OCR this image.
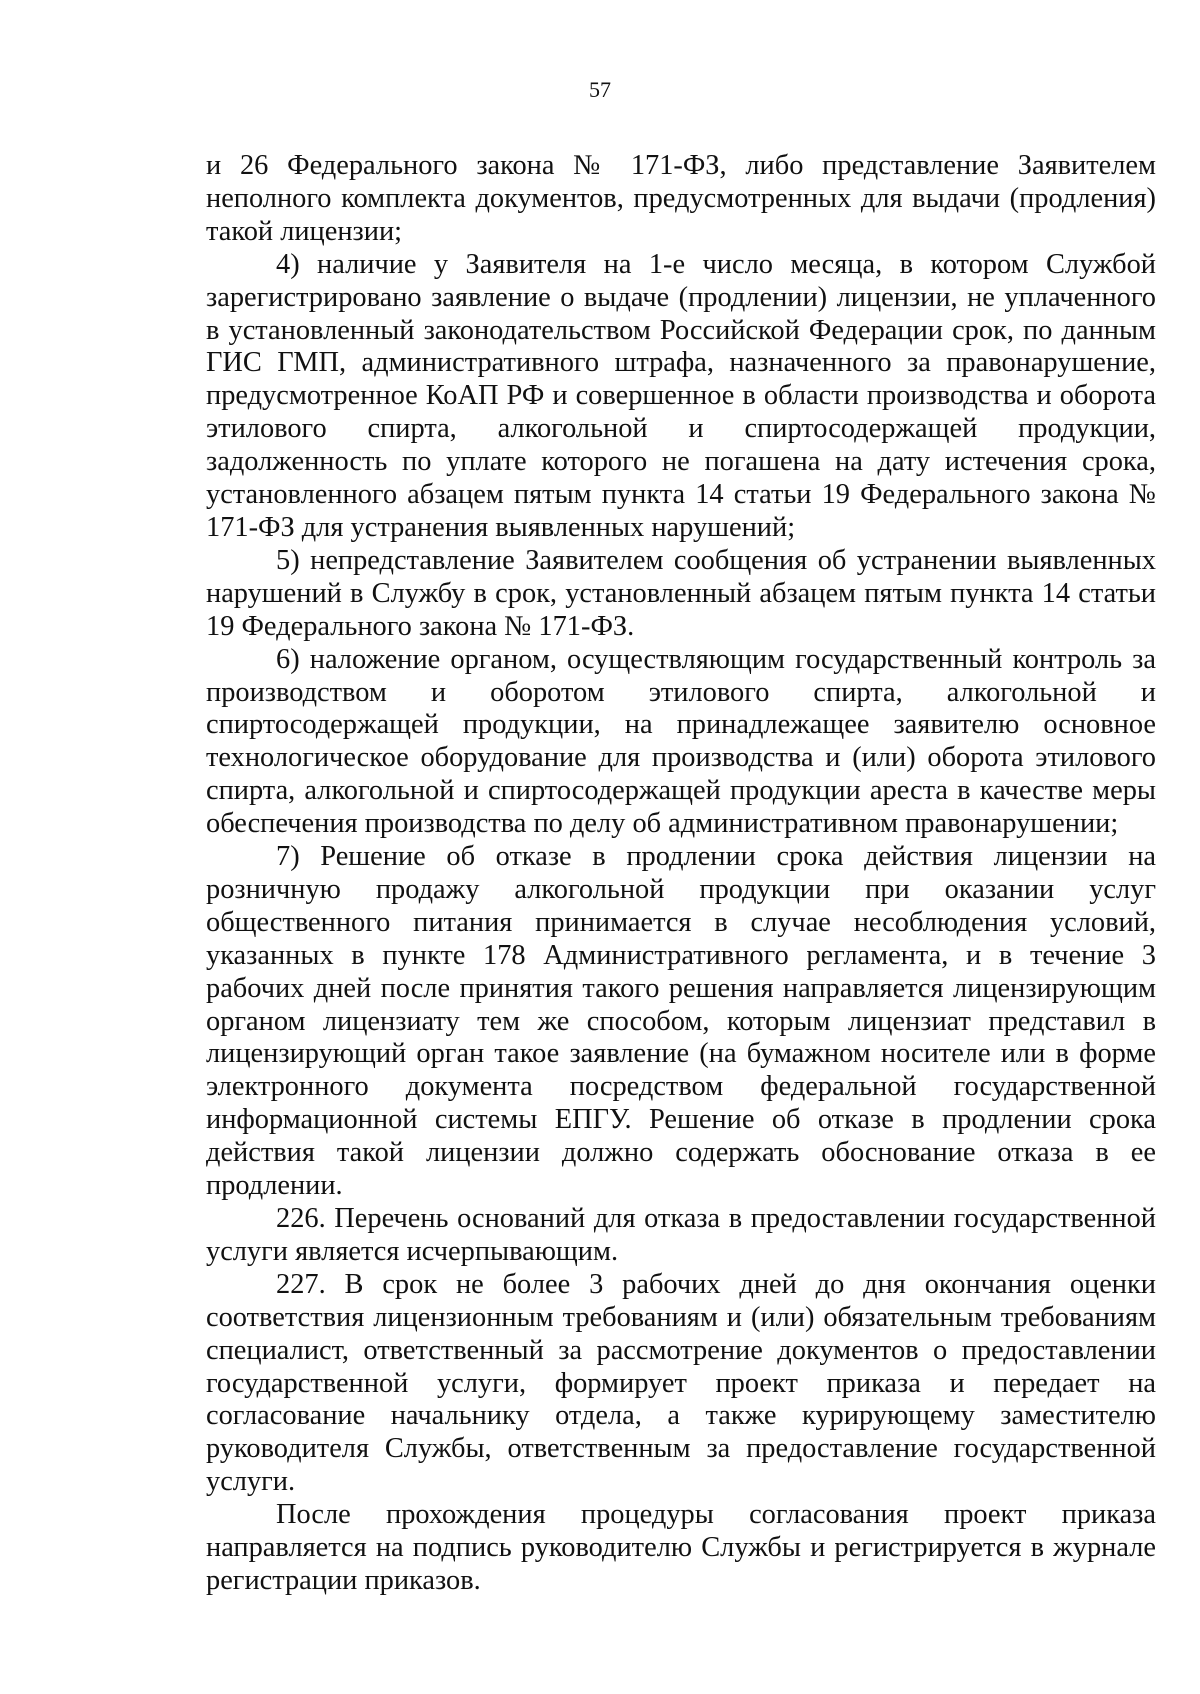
57

и 26 Федерального закона № 171-ФЗ, либо представление Заявителем неполного комплекта документов, предусмотренных для выдачи (продления) такой лицензии;

4) наличие у Заявителя на 1-е число месяца, в котором Службой зарегистрировано заявление о выдаче (продлении) лицензии, не уплаченного в установленный законодательством Российской Федерации срок, по данным ГИС ГМП, административного штрафа, назначенного за правонарушение, предусмотренное КоАП РФ и совершенное в области производства и оборота этилового спирта, алкогольной и спиртосодержащей продукции, задолженность по уплате которого не погашена на дату истечения срока, установленного абзацем пятым пункта 14 статьи 19 Федерального закона № 171-ФЗ для устранения выявленных нарушений;

5) непредставление Заявителем сообщения об устранении выявленных нарушений в Службу в срок, установленный абзацем пятым пункта 14 статьи 19 Федерального закона № 171-ФЗ.

6) наложение органом, осуществляющим государственный контроль за производством и оборотом этилового спирта, алкогольной и спиртосодержащей продукции, на принадлежащее заявителю основное технологическое оборудование для производства и (или) оборота этилового спирта, алкогольной и спиртосодержащей продукции ареста в качестве меры обеспечения производства по делу об административном правонарушении;

7) Решение об отказе в продлении срока действия лицензии на розничную продажу алкогольной продукции при оказании услуг общественного питания принимается в случае несоблюдения условий, указанных в пункте 178 Административного регламента, и в течение 3 рабочих дней после принятия такого решения направляется лицензирующим органом лицензиату тем же способом, которым лицензиат представил в лицензирующий орган такое заявление (на бумажном носителе или в форме электронного документа посредством федеральной государственной информационной системы ЕПГУ. Решение об отказе в продлении срока действия такой лицензии должно содержать обоснование отказа в ее продлении.

226. Перечень оснований для отказа в предоставлении государственной услуги является исчерпывающим.

227. В срок не более 3 рабочих дней до дня окончания оценки соответствия лицензионным требованиям и (или) обязательным требованиям специалист, ответственный за рассмотрение документов о предоставлении государственной услуги, формирует проект приказа и передает на согласование начальнику отдела, а также курирующему заместителю руководителя Службы, ответственным за предоставление государственной услуги.

После прохождения процедуры согласования проект приказа направляется на подпись руководителю Службы и регистрируется в журнале регистрации приказов.
